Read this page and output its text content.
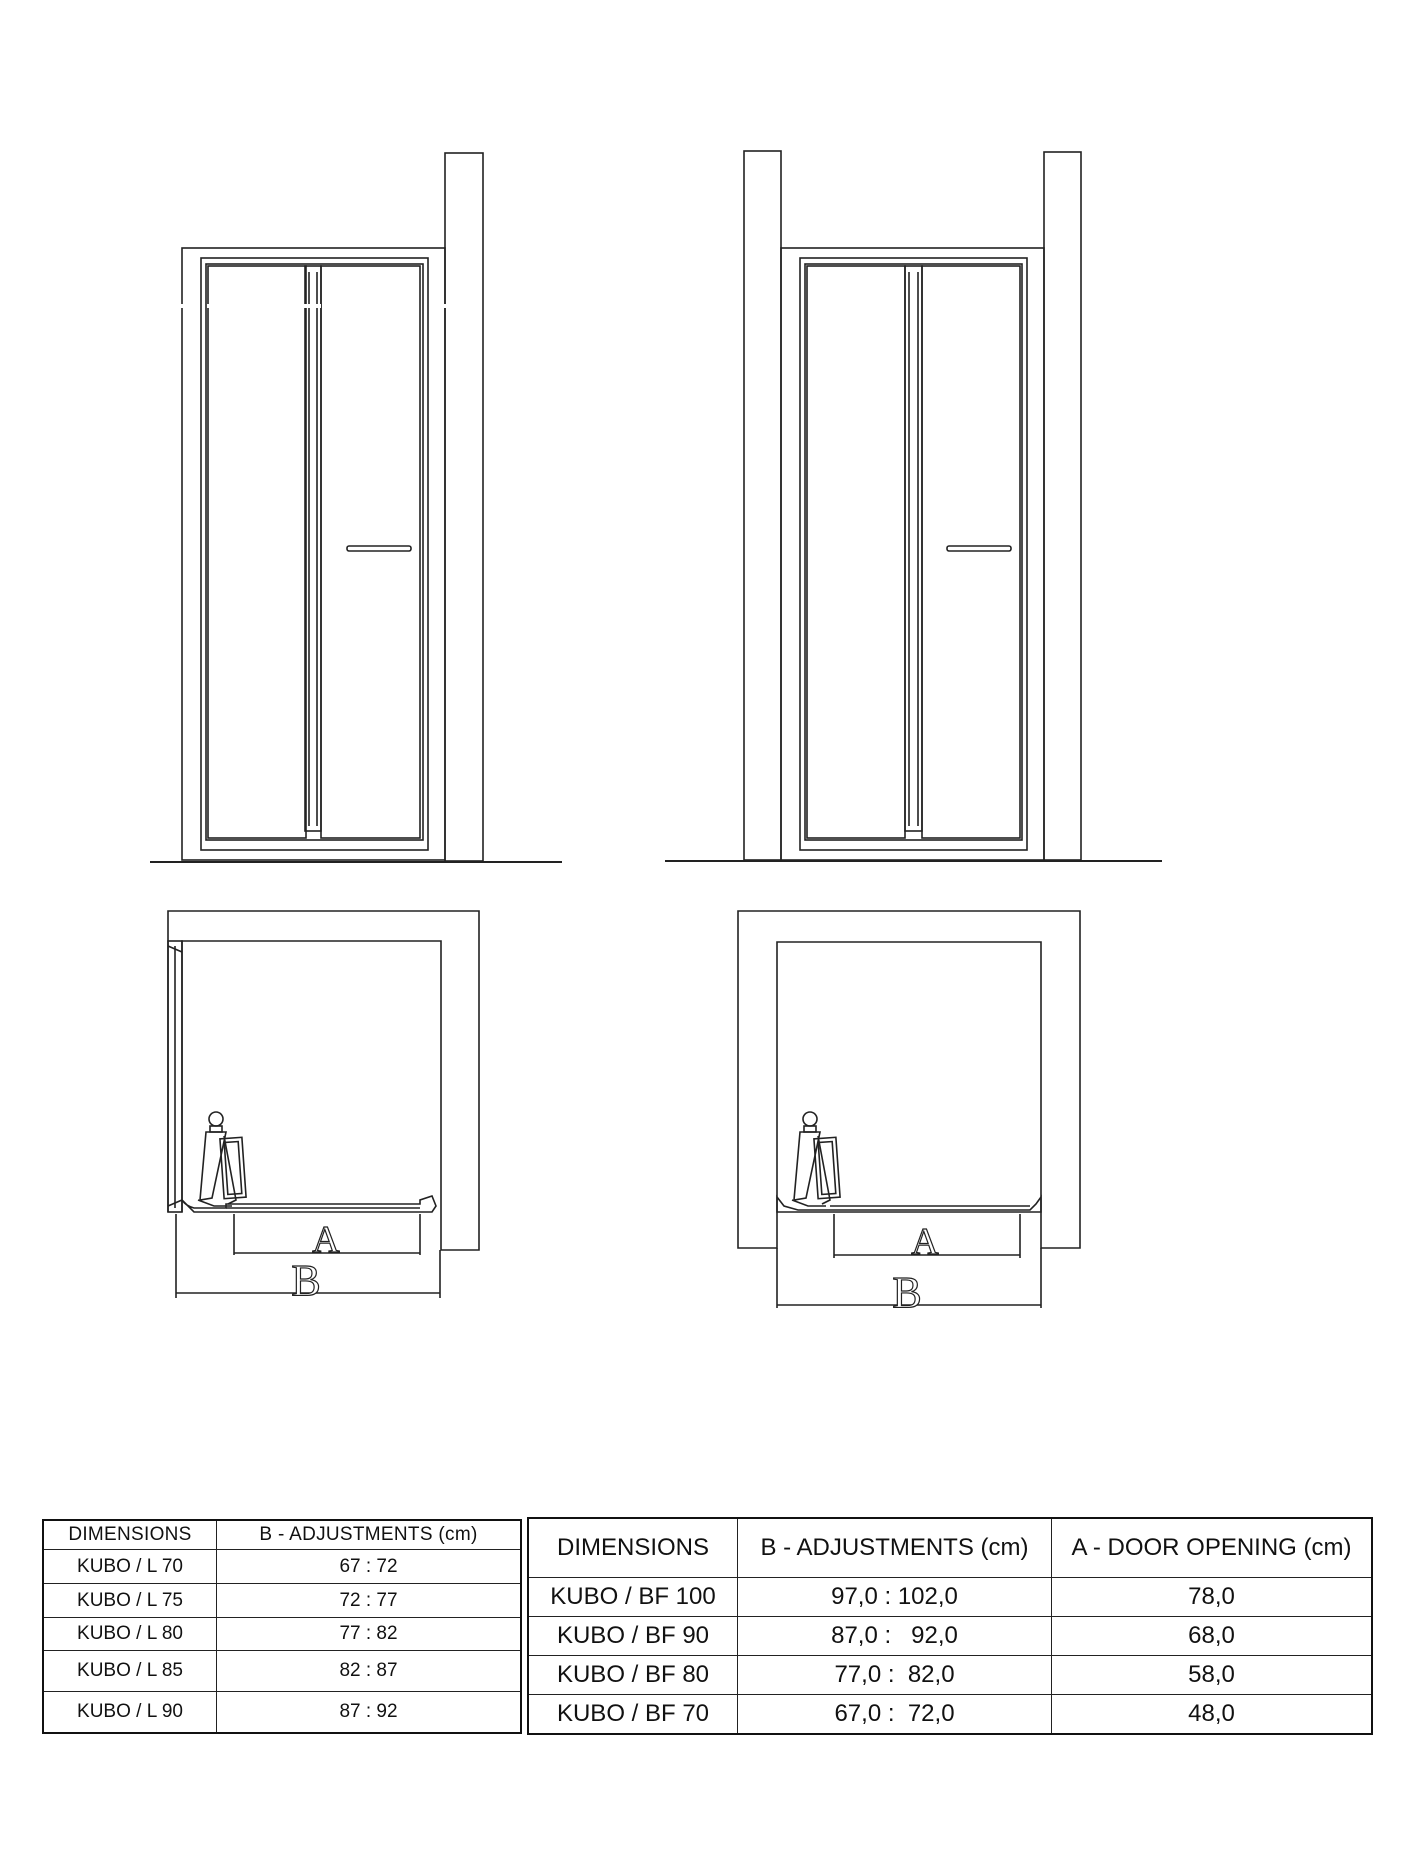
A
B
A
B
DIMENSIONS	B - ADJUSTMENTS (cm)
KUBO / L 70	67 : 72
KUBO / L 75	72 : 77
KUBO / L 80	77 : 82
KUBO / L 85	82 : 87
KUBO / L 90	87 : 92
DIMENSIONS	B - ADJUSTMENTS (cm)	A - DOOR OPENING (cm)
KUBO / BF 100	97,0 : 102,0	78,0
KUBO / BF 90	87,0 :   92,0	68,0
KUBO / BF 80	77,0 :  82,0	58,0
KUBO / BF 70	67,0 :  72,0	48,0
